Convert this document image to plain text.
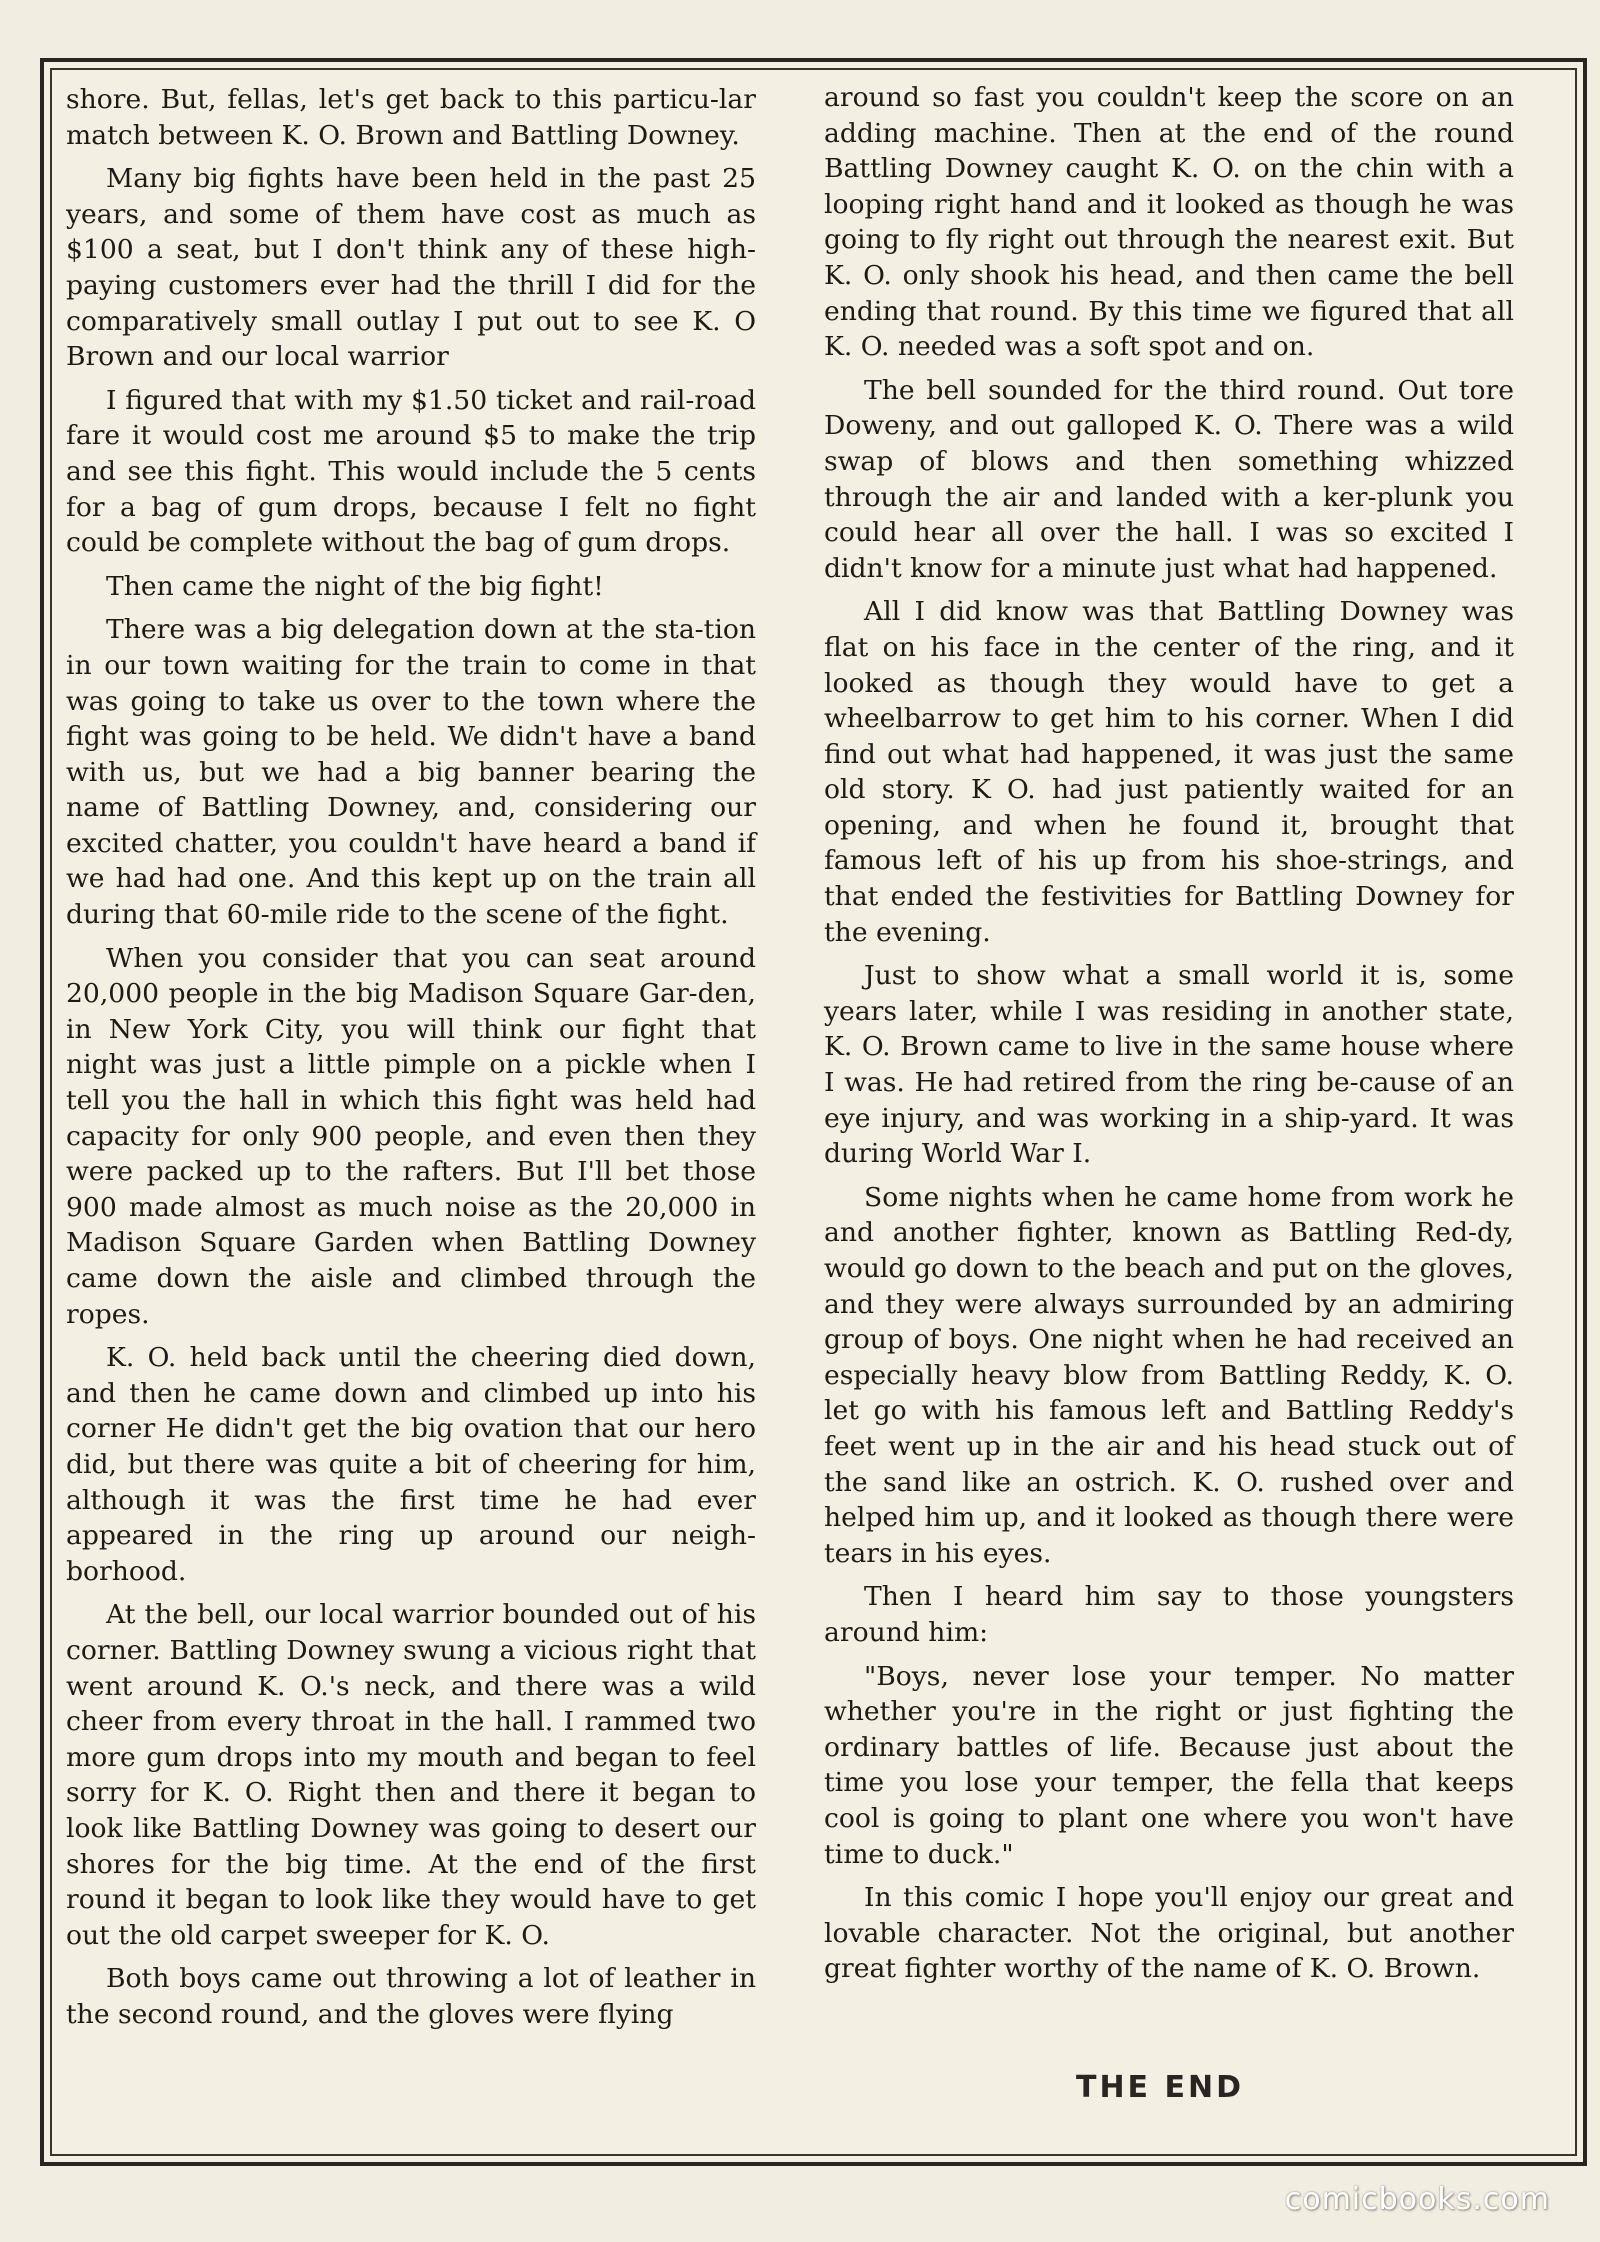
shore. But, fellas, let's get back to this particu-lar match between K. O. Brown and Battling Downey.

Many big fights have been held in the past 25 years, and some of them have cost as much as $100 a seat, but I don't think any of these high-paying customers ever had the thrill I did for the comparatively small outlay I put out to see K. O Brown and our local warrior

I figured that with my $1.50 ticket and rail-road fare it would cost me around $5 to make the trip and see this fight. This would include the 5 cents for a bag of gum drops, because I felt no fight could be complete without the bag of gum drops.

Then came the night of the big fight!

There was a big delegation down at the sta-tion in our town waiting for the train to come in that was going to take us over to the town where the fight was going to be held. We didn't have a band with us, but we had a big banner bearing the name of Battling Downey, and, considering our excited chatter, you couldn't have heard a band if we had had one. And this kept up on the train all during that 60-mile ride to the scene of the fight.

When you consider that you can seat around 20,000 people in the big Madison Square Gar-den, in New York City, you will think our fight that night was just a little pimple on a pickle when I tell you the hall in which this fight was held had capacity for only 900 people, and even then they were packed up to the rafters. But I'll bet those 900 made almost as much noise as the 20,000 in Madison Square Garden when Battling Downey came down the aisle and climbed through the ropes.

K. O. held back until the cheering died down, and then he came down and climbed up into his corner He didn't get the big ovation that our hero did, but there was quite a bit of cheering for him, although it was the first time he had ever appeared in the ring up around our neigh-borhood.

At the bell, our local warrior bounded out of his corner. Battling Downey swung a vicious right that went around K. O.'s neck, and there was a wild cheer from every throat in the hall. I rammed two more gum drops into my mouth and began to feel sorry for K. O. Right then and there it began to look like Battling Downey was going to desert our shores for the big time. At the end of the first round it began to look like they would have to get out the old carpet sweeper for K. O.

Both boys came out throwing a lot of leather in the second round, and the gloves were flying

around so fast you couldn't keep the score on an adding machine. Then at the end of the round Battling Downey caught K. O. on the chin with a looping right hand and it looked as though he was going to fly right out through the nearest exit. But K. O. only shook his head, and then came the bell ending that round. By this time we figured that all K. O. needed was a soft spot and on.

The bell sounded for the third round. Out tore Doweny, and out galloped K. O. There was a wild swap of blows and then something whizzed through the air and landed with a ker-plunk you could hear all over the hall. I was so excited I didn't know for a minute just what had happened.

All I did know was that Battling Downey was flat on his face in the center of the ring, and it looked as though they would have to get a wheelbarrow to get him to his corner. When I did find out what had happened, it was just the same old story. K O. had just patiently waited for an opening, and when he found it, brought that famous left of his up from his shoe-strings, and that ended the festivities for Battling Downey for the evening.

Just to show what a small world it is, some years later, while I was residing in another state, K. O. Brown came to live in the same house where I was. He had retired from the ring be-cause of an eye injury, and was working in a ship-yard. It was during World War I.

Some nights when he came home from work he and another fighter, known as Battling Red-dy, would go down to the beach and put on the gloves, and they were always surrounded by an admiring group of boys. One night when he had received an especially heavy blow from Battling Reddy, K. O. let go with his famous left and Battling Reddy's feet went up in the air and his head stuck out of the sand like an ostrich. K. O. rushed over and helped him up, and it looked as though there were tears in his eyes.

Then I heard him say to those youngsters around him:

"Boys, never lose your temper. No matter whether you're in the right or just fighting the ordinary battles of life. Because just about the time you lose your temper, the fella that keeps cool is going to plant one where you won't have time to duck."

In this comic I hope you'll enjoy our great and lovable character. Not the original, but another great fighter worthy of the name of K. O. Brown.

THE END
comicbooks.com
